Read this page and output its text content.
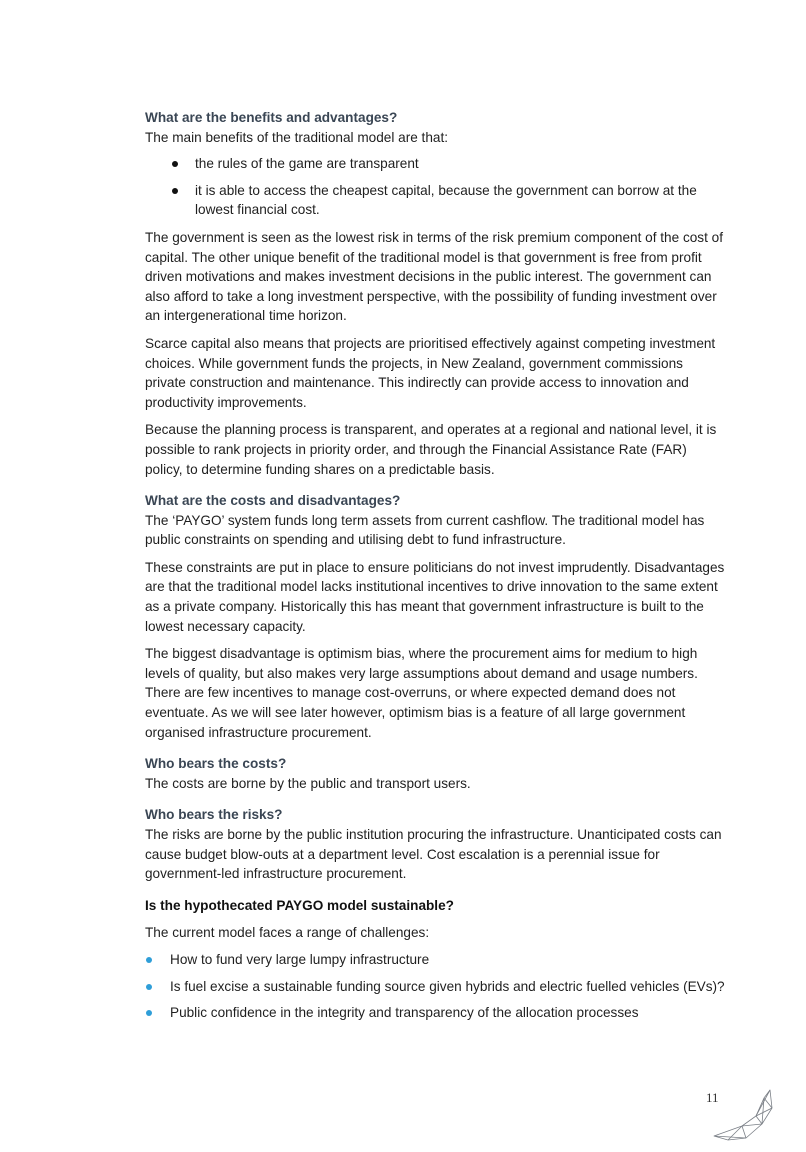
What are the benefits and advantages?

The main benefits of the traditional model are that:

the rules of the game are transparent
it is able to access the cheapest capital, because the government can borrow at the lowest financial cost.

The government is seen as the lowest risk in terms of the risk premium component of the cost of capital. The other unique benefit of the traditional model is that government is free from profit driven motivations and makes investment decisions in the public interest. The government can also afford to take a long investment perspective, with the possibility of funding investment over an intergenerational time horizon.

Scarce capital also means that projects are prioritised effectively against competing investment choices. While government funds the projects, in New Zealand, government commissions private construction and maintenance. This indirectly can provide access to innovation and productivity improvements.

Because the planning process is transparent, and operates at a regional and national level, it is possible to rank projects in priority order, and through the Financial Assistance Rate (FAR) policy, to determine funding shares on a predictable basis.

What are the costs and disadvantages?

The ‘PAYGO’ system funds long term assets from current cashflow. The traditional model has public constraints on spending and utilising debt to fund infrastructure.

These constraints are put in place to ensure politicians do not invest imprudently. Disadvantages are that the traditional model lacks institutional incentives to drive innovation to the same extent as a private company. Historically this has meant that government infrastructure is built to the lowest necessary capacity.

The biggest disadvantage is optimism bias, where the procurement aims for medium to high levels of quality, but also makes very large assumptions about demand and usage numbers. There are few incentives to manage cost-overruns, or where expected demand does not eventuate. As we will see later however, optimism bias is a feature of all large government organised infrastructure procurement.

Who bears the costs?

The costs are borne by the public and transport users.

Who bears the risks?

The risks are borne by the public institution procuring the infrastructure. Unanticipated costs can cause budget blow-outs at a department level. Cost escalation is a perennial issue for government-led infrastructure procurement.

Is the hypothecated PAYGO model sustainable?

The current model faces a range of challenges:

How to fund very large lumpy infrastructure
Is fuel excise a sustainable funding source given hybrids and electric fuelled vehicles (EVs)?
Public confidence in the integrity and transparency of the allocation processes
11
